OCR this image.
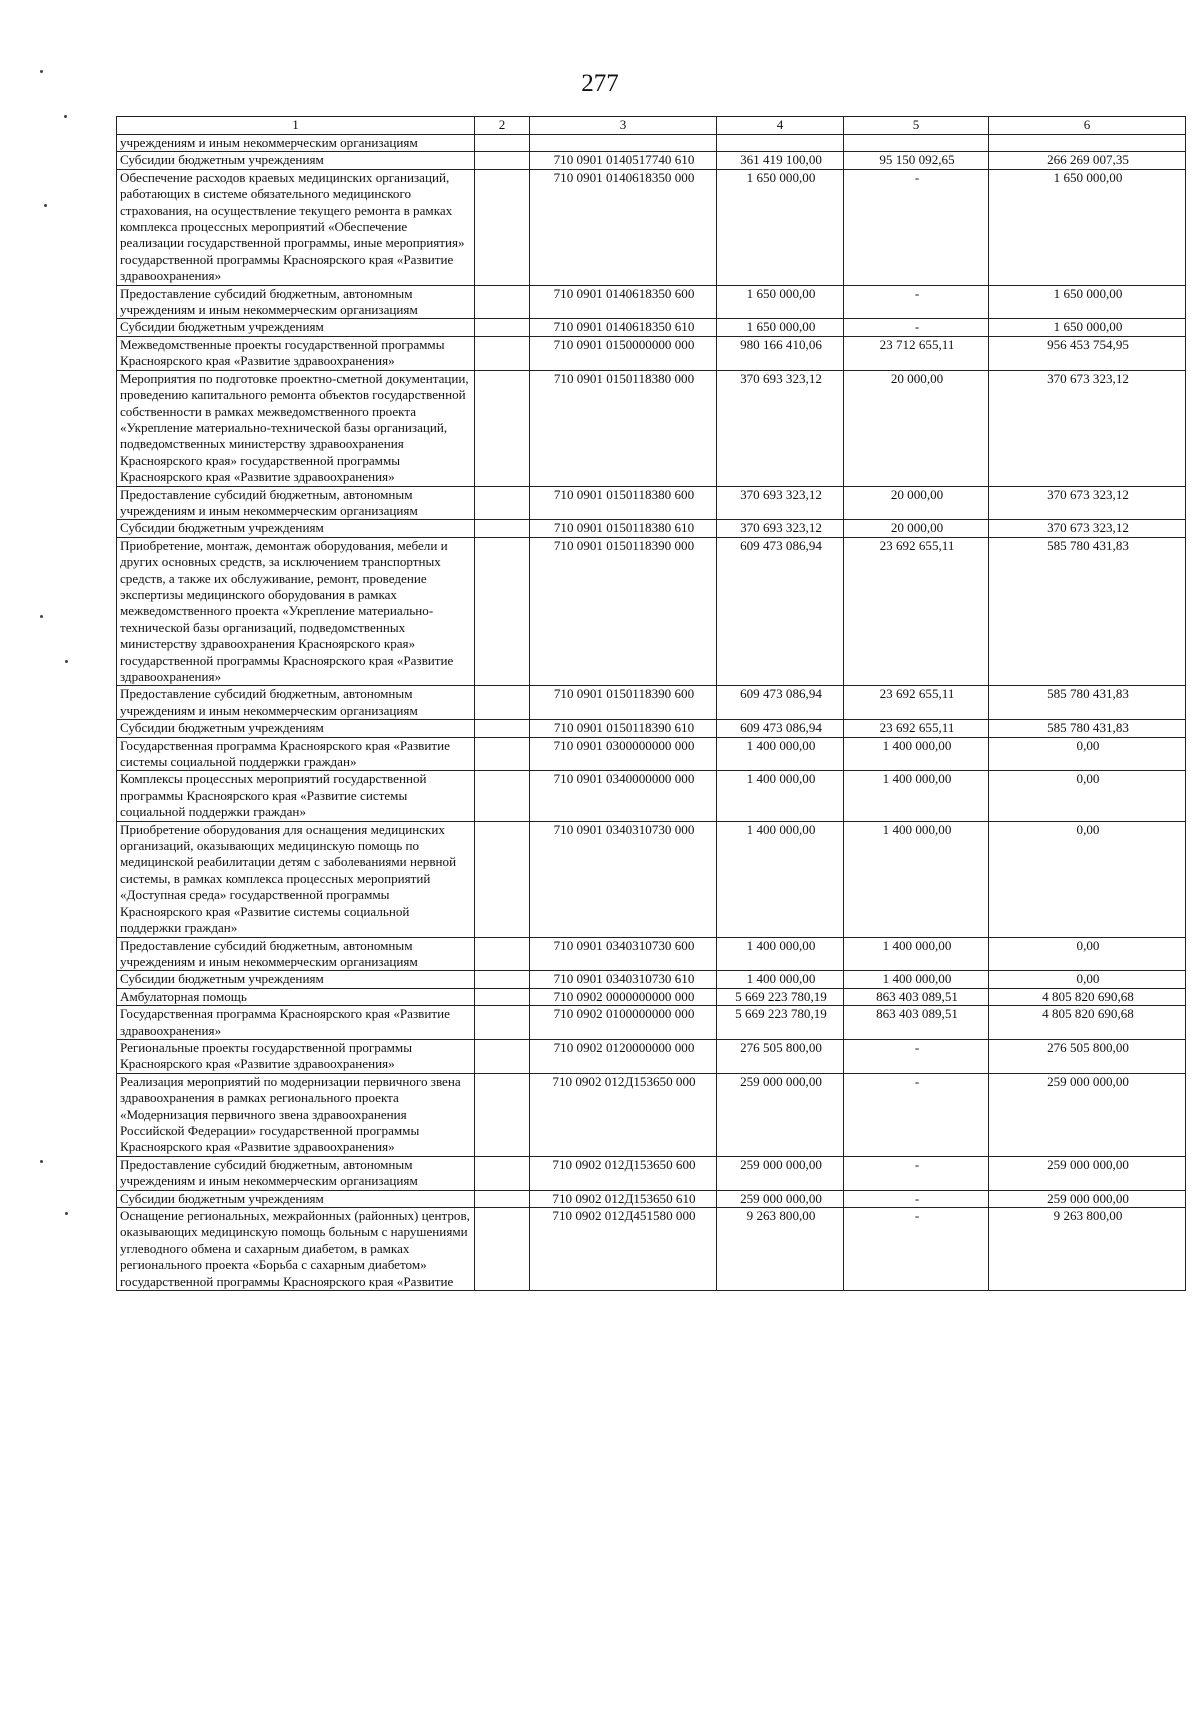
277
1	2	3	4	5	6
учреждениям и иным некоммерческим организациям					
Субсидии бюджетным учреждениям		710 0901 0140517740 610	361 419 100,00	95 150 092,65	266 269 007,35
Обеспечение расходов краевых медицинских организаций, работающих в системе обязательного медицинского страхования, на осуществление текущего ремонта в рамках комплекса процессных мероприятий «Обеспечение реализации государственной программы, иные мероприятия» государственной программы Красноярского края «Развитие здравоохранения»		710 0901 0140618350 000	1 650 000,00	-	1 650 000,00
Предоставление субсидий бюджетным, автономным учреждениям и иным некоммерческим организациям		710 0901 0140618350 600	1 650 000,00	-	1 650 000,00
Субсидии бюджетным учреждениям		710 0901 0140618350 610	1 650 000,00	-	1 650 000,00
Межведомственные проекты государственной программы Красноярского края «Развитие здравоохранения»		710 0901 0150000000 000	980 166 410,06	23 712 655,11	956 453 754,95
Мероприятия по подготовке проектно-сметной документации, проведению капитального ремонта объектов государственной собственности в рамках межведомственного проекта «Укрепление материально-технической базы организаций, подведомственных министерству здравоохранения Красноярского края» государственной программы Красноярского края «Развитие здравоохранения»		710 0901 0150118380 000	370 693 323,12	20 000,00	370 673 323,12
Предоставление субсидий бюджетным, автономным учреждениям и иным некоммерческим организациям		710 0901 0150118380 600	370 693 323,12	20 000,00	370 673 323,12
Субсидии бюджетным учреждениям		710 0901 0150118380 610	370 693 323,12	20 000,00	370 673 323,12
Приобретение, монтаж, демонтаж оборудования, мебели и других основных средств, за исключением транспортных средств, а также их обслуживание, ремонт, проведение экспертизы медицинского оборудования в рамках межведомственного проекта «Укрепление материально-технической базы организаций, подведомственных министерству здравоохранения Красноярского края» государственной программы Красноярского края «Развитие здравоохранения»		710 0901 0150118390 000	609 473 086,94	23 692 655,11	585 780 431,83
Предоставление субсидий бюджетным, автономным учреждениям и иным некоммерческим организациям		710 0901 0150118390 600	609 473 086,94	23 692 655,11	585 780 431,83
Субсидии бюджетным учреждениям		710 0901 0150118390 610	609 473 086,94	23 692 655,11	585 780 431,83
Государственная программа Красноярского края «Развитие системы социальной поддержки граждан»		710 0901 0300000000 000	1 400 000,00	1 400 000,00	0,00
Комплексы процессных мероприятий государственной программы Красноярского края «Развитие системы социальной поддержки граждан»		710 0901 0340000000 000	1 400 000,00	1 400 000,00	0,00
Приобретение оборудования для оснащения медицинских организаций, оказывающих медицинскую помощь по медицинской реабилитации детям с заболеваниями нервной системы, в рамках комплекса процессных мероприятий «Доступная среда» государственной программы Красноярского края «Развитие системы социальной поддержки граждан»		710 0901 0340310730 000	1 400 000,00	1 400 000,00	0,00
Предоставление субсидий бюджетным, автономным учреждениям и иным некоммерческим организациям		710 0901 0340310730 600	1 400 000,00	1 400 000,00	0,00
Субсидии бюджетным учреждениям		710 0901 0340310730 610	1 400 000,00	1 400 000,00	0,00
Амбулаторная помощь		710 0902 0000000000 000	5 669 223 780,19	863 403 089,51	4 805 820 690,68
Государственная программа Красноярского края «Развитие здравоохранения»		710 0902 0100000000 000	5 669 223 780,19	863 403 089,51	4 805 820 690,68
Региональные проекты государственной программы Красноярского края «Развитие здравоохранения»		710 0902 0120000000 000	276 505 800,00	-	276 505 800,00
Реализация мероприятий по модернизации первичного звена здравоохранения в рамках регионального проекта «Модернизация первичного звена здравоохранения Российской Федерации» государственной программы Красноярского края «Развитие здравоохранения»		710 0902 012Д153650 000	259 000 000,00	-	259 000 000,00
Предоставление субсидий бюджетным, автономным учреждениям и иным некоммерческим организациям		710 0902 012Д153650 600	259 000 000,00	-	259 000 000,00
Субсидии бюджетным учреждениям		710 0902 012Д153650 610	259 000 000,00	-	259 000 000,00
Оснащение региональных, межрайонных (районных) центров, оказывающих медицинскую помощь больным с нарушениями углеводного обмена и сахарным диабетом, в рамках регионального проекта «Борьба с сахарным диабетом» государственной программы Красноярского края «Развитие		710 0902 012Д451580 000	9 263 800,00	-	9 263 800,00
